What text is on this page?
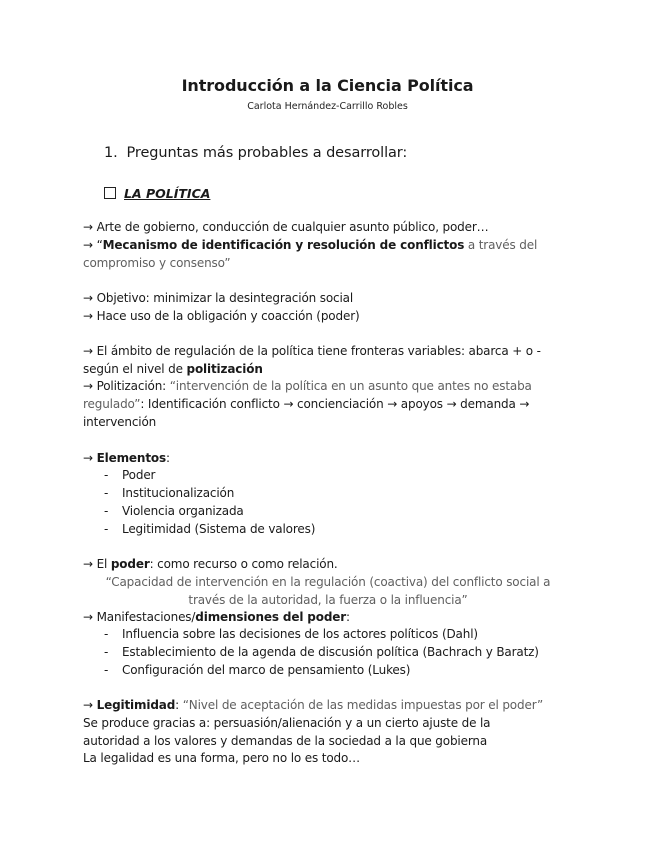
Introducción a la Ciencia Política
Carlota Hernández-Carrillo Robles
1. Preguntas más probables a desarrollar:
LA POLÍTICA
→ Arte de gobierno, conducción de cualquier asunto público, poder…
→ “Mecanismo de identificación y resolución de conflictos a través del
compromiso y consenso”
→ Objetivo: minimizar la desintegración social
→ Hace uso de la obligación y coacción (poder)
→ El ámbito de regulación de la política tiene fronteras variables: abarca + o -
según el nivel de politización
→ Politización: “intervención de la política en un asunto que antes no estaba
regulado”: Identificación conflicto → concienciación → apoyos → demanda →
intervención
→ Elementos:
- Poder
- Institucionalización
- Violencia organizada
- Legitimidad (Sistema de valores)
→ El poder: como recurso o como relación.
“Capacidad de intervención en la regulación (coactiva) del conflicto social a
través de la autoridad, la fuerza o la influencia”
→ Manifestaciones/dimensiones del poder:
- Influencia sobre las decisiones de los actores políticos (Dahl)
- Establecimiento de la agenda de discusión política (Bachrach y Baratz)
- Configuración del marco de pensamiento (Lukes)
→ Legitimidad: “Nivel de aceptación de las medidas impuestas por el poder”
Se produce gracias a: persuasión/alienación y a un cierto ajuste de la
autoridad a los valores y demandas de la sociedad a la que gobierna
La legalidad es una forma, pero no lo es todo…
